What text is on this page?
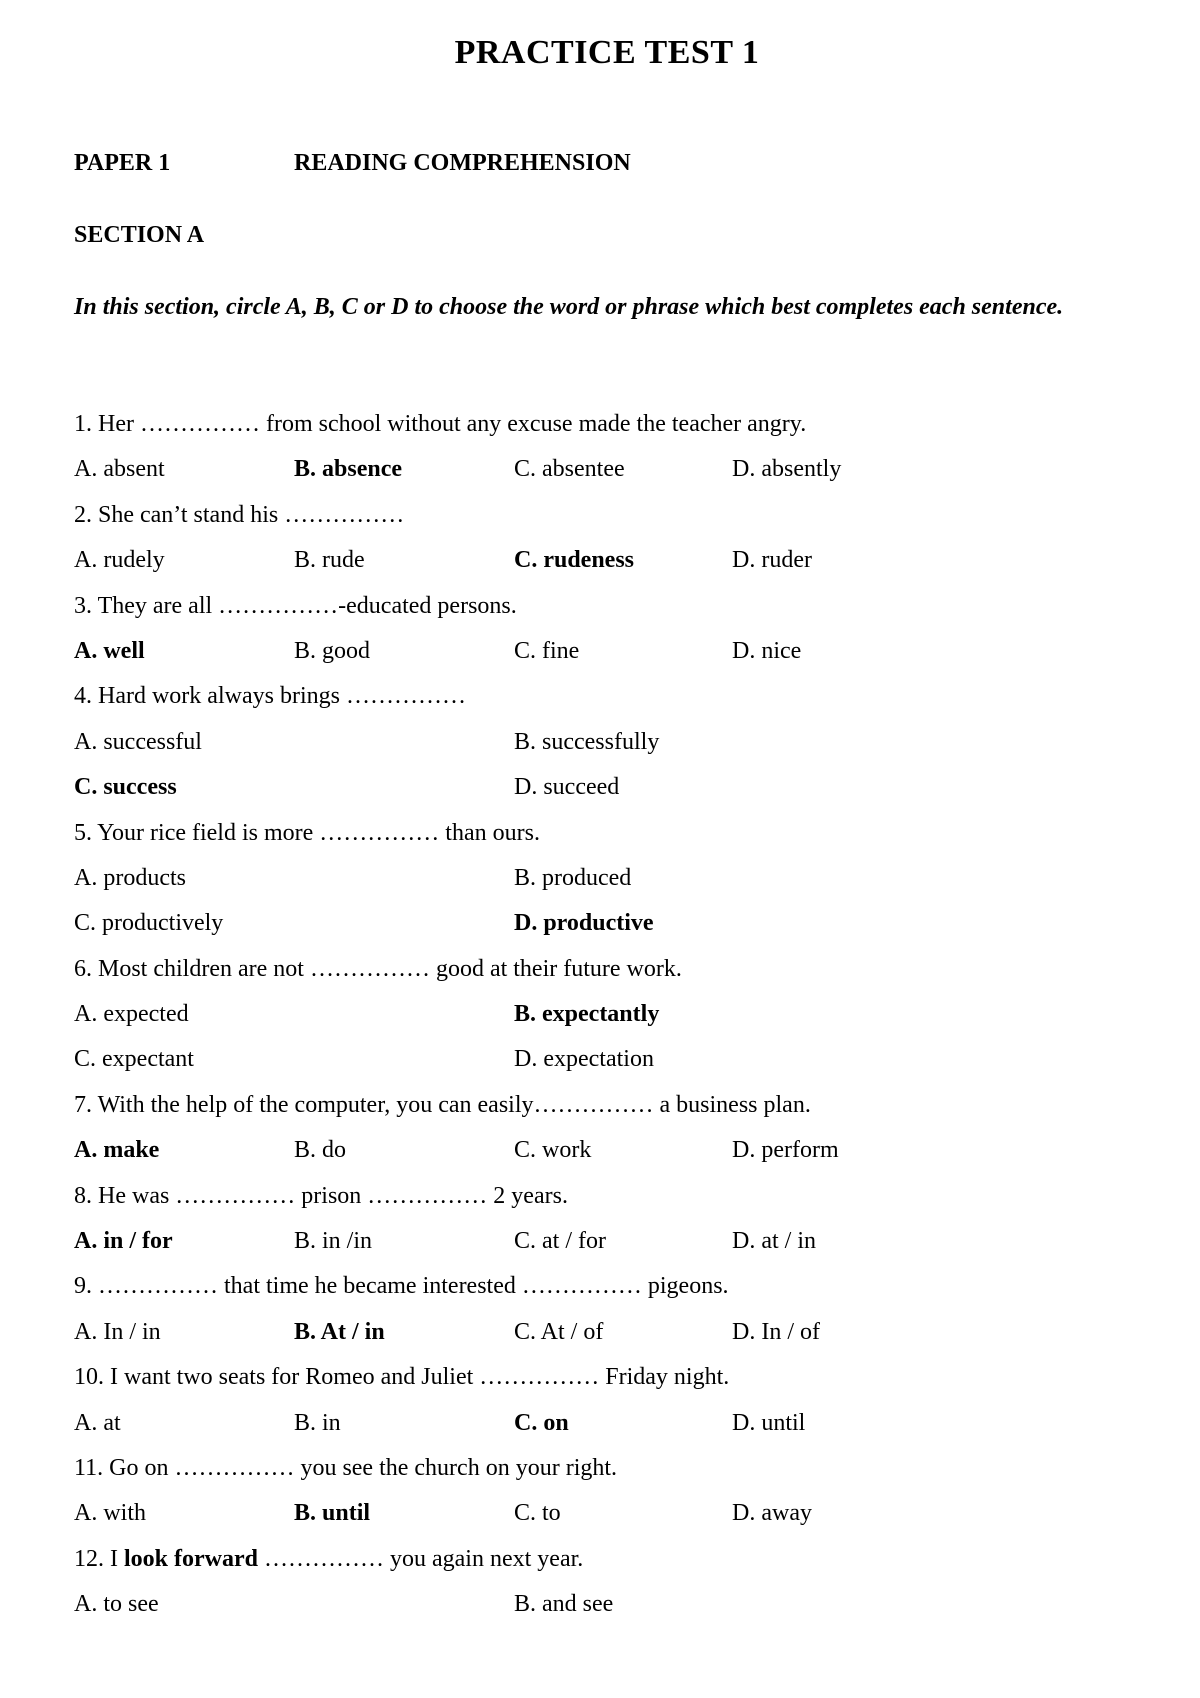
PRACTICE TEST 1
PAPER 1	READING COMPREHENSION
SECTION A
In this section, circle A, B, C or D to choose the word or phrase which best completes each sentence.
1. Her …………… from school without any excuse made the teacher angry.
A. absent	B. absence	C. absentee	D. absently
2. She can’t stand his ……………
A. rudely	B. rude	C. rudeness	D. ruder
3. They are all ……………-educated persons.
A. well	B. good	C. fine	D. nice
4. Hard work always brings ……………
A. successful	B. successfully
C. success	D. succeed
5. Your rice field is more …………… than ours.
A. products	B. produced
C. productively	D. productive
6. Most children are not …………… good at their future work.
A. expected	B. expectantly
C. expectant	D. expectation
7. With the help of the computer, you can easily…………… a business plan.
A. make	B. do	C. work	D. perform
8. He was …………… prison …………… 2 years.
A. in / for	B. in /in	C. at / for	D. at / in
9. …………… that time he became interested …………… pigeons.
A. In / in	B. At / in	C. At / of	D. In / of
10. I want two seats for Romeo and Juliet …………… Friday night.
A. at	B. in	C. on	D. until
11. Go on …………… you see the church on your right.
A. with	B. until	C. to	D. away
12. I look forward …………… you again next year.
A. to see	B. and see
